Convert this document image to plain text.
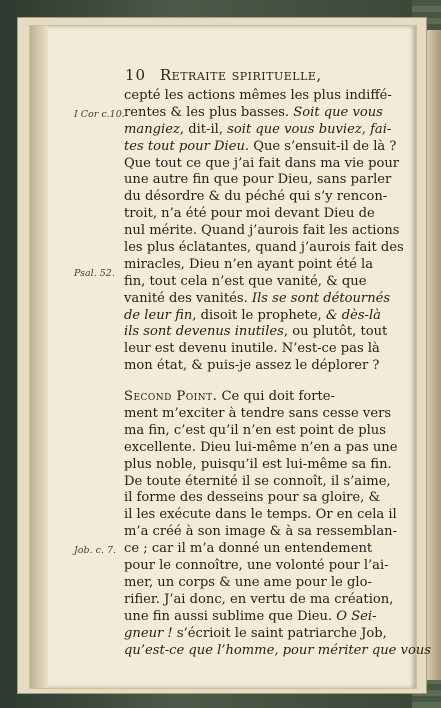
10 Retraite spirituelle,
I Cor c.10.
Psal. 52.
Job. c. 7.
cepté les actions mêmes les plus indiffé-
rentes & les plus basses. Soit que vous
mangiez, dit-il, soit que vous buviez, fai-
tes tout pour Dieu. Que s’ensuit-il de là ?
Que tout ce que j’ai fait dans ma vie pour
une autre fin que pour Dieu, sans parler
du désordre & du péché qui s’y rencon-
troit, n’a été pour moi devant Dieu de
nul mérite. Quand j’aurois fait les actions
les plus éclatantes, quand j’aurois fait des
miracles, Dieu n’en ayant point été la
fin, tout cela n’est que vanité, & que
vanité des vanités. Ils se sont détournés
de leur fin, disoit le prophete, & dès-là
ils sont devenus inutiles, ou plutôt, tout
leur est devenu inutile. N’est-ce pas là
mon état, & puis-je assez le déplorer ?
Second Point. Ce qui doit forte-
ment m’exciter à tendre sans cesse vers
ma fin, c’est qu’il n’en est point de plus
excellente. Dieu lui-même n’en a pas une
plus noble, puisqu’il est lui-même sa fin.
De toute éternité il se connoît, il s’aime,
il forme des desseins pour sa gloire, &
il les exécute dans le temps. Or en cela il
m’a créé à son image & à sa ressemblan-
ce ; car il m’a donné un entendement
pour le connoître, une volonté pour l’ai-
mer, un corps & une ame pour le glo-
rifier. J’ai donc, en vertu de ma création,
une fin aussi sublime que Dieu. O Sei-
gneur ! s’écrioit le saint patriarche Job,
qu’est-ce que l’homme, pour mériter que vous
